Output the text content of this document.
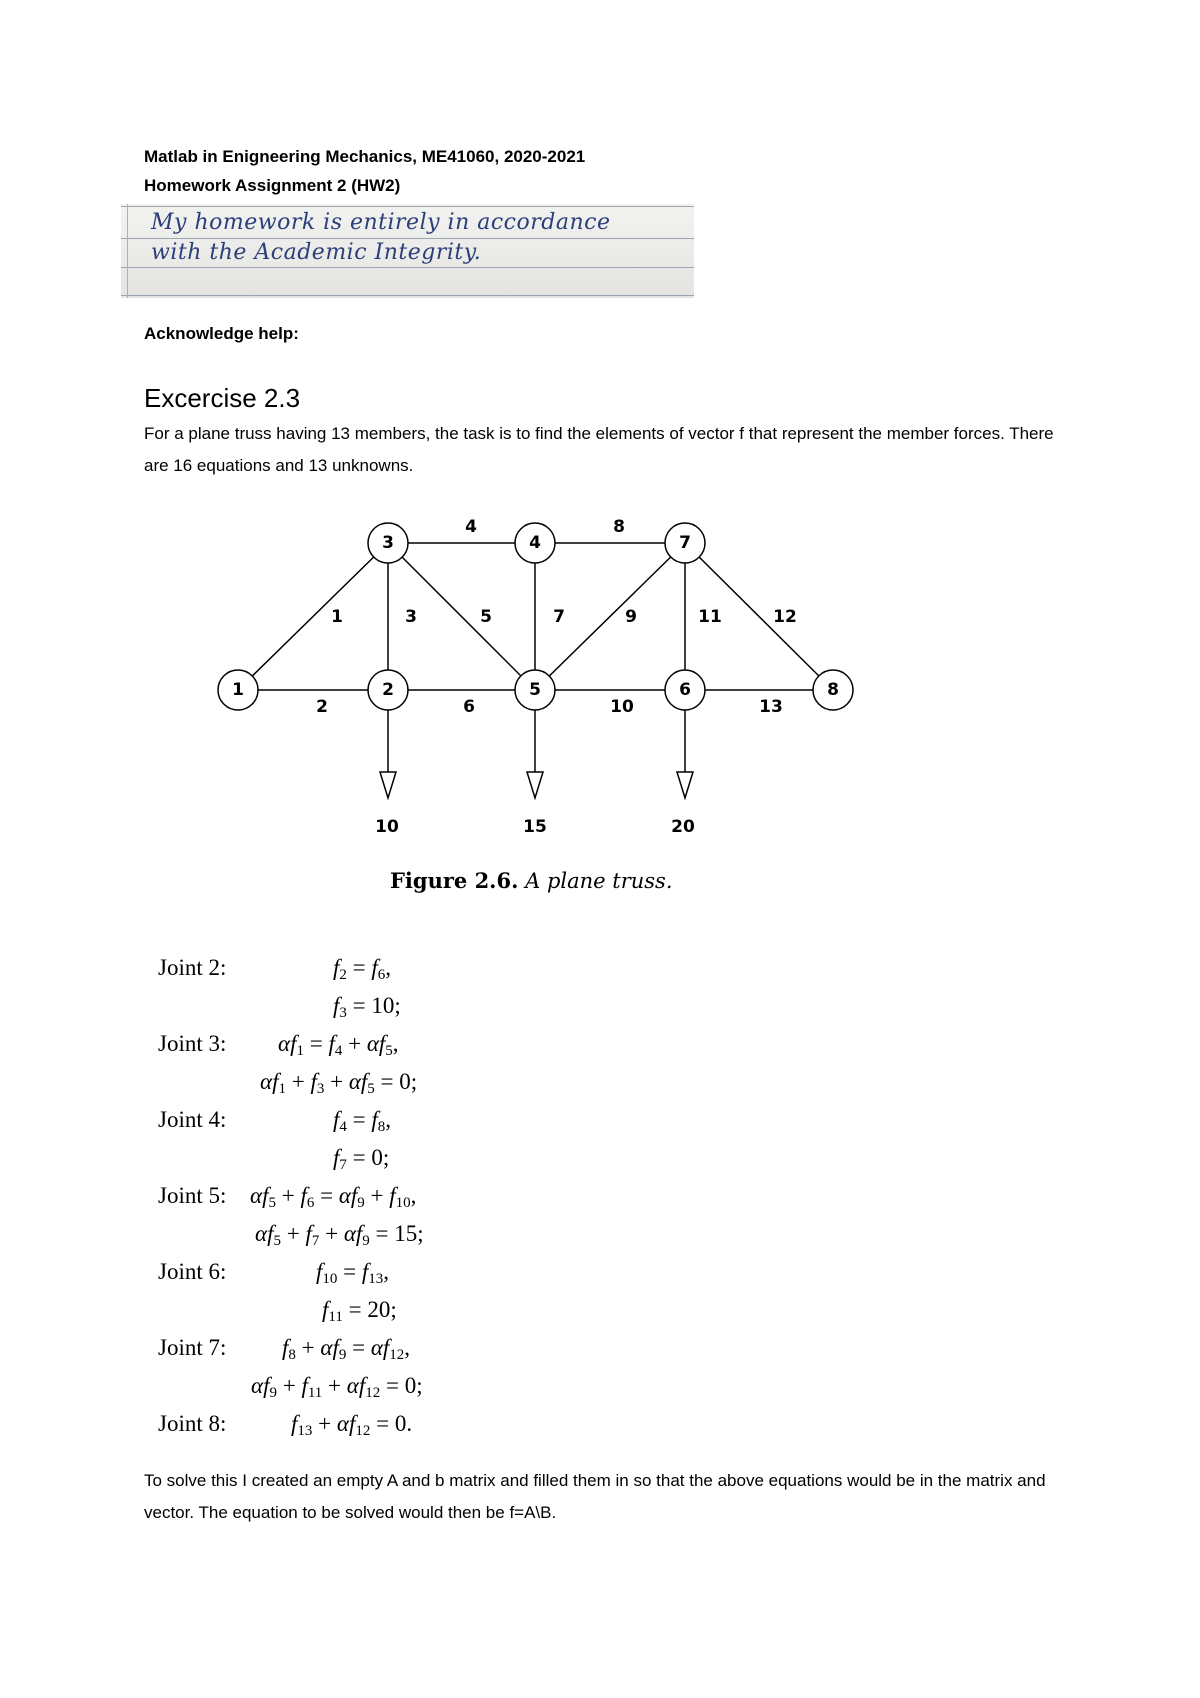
Matlab in Enigneering Mechanics, ME41060, 2020-2021
Homework Assignment 2 (HW2)
My homework is entirely in accordance
with the Academic Integrity.
Acknowledge help:
Excercise 2.3
For a plane truss having 13 members, the task is to find the elements of vector f that represent the member forces. There are 16 equations and 13 unknowns.
1	2
3	4
5	6
7
8
1
2
3
4
5
6
7
8
9
10
11	12
13
10	15	20
Figure 2.6. A plane truss.
Joint 2:	$f_2 = f_6$,
$f_3 = 10$;
Joint 3: $\alpha f_1 = f_4 + \alpha f_5$,
$\alpha f_1 + f_3 + \alpha f_5 = 0$;
Joint 4:	$f_4 = f_8$,
$f_7 = 0$;
Joint 5: $\alpha f_5 + f_6 = \alpha f_9 + f_{10}$,
$\alpha f_5 + f_7 + \alpha f_9 = 15$;
Joint 6:	$f_{10} = f_{13}$,
$f_{11} = 20$;
Joint 7: $f_8 + \alpha f_9 = \alpha f_{12}$,
$\alpha f_9 + f_{11} + \alpha f_{12} = 0$;
Joint 8:	$f_{13} + \alpha f_{12} = 0$.
To solve this I created an empty A and b matrix and filled them in so that the above equations would be in the matrix and vector. The equation to be solved would then be f=A\B.
